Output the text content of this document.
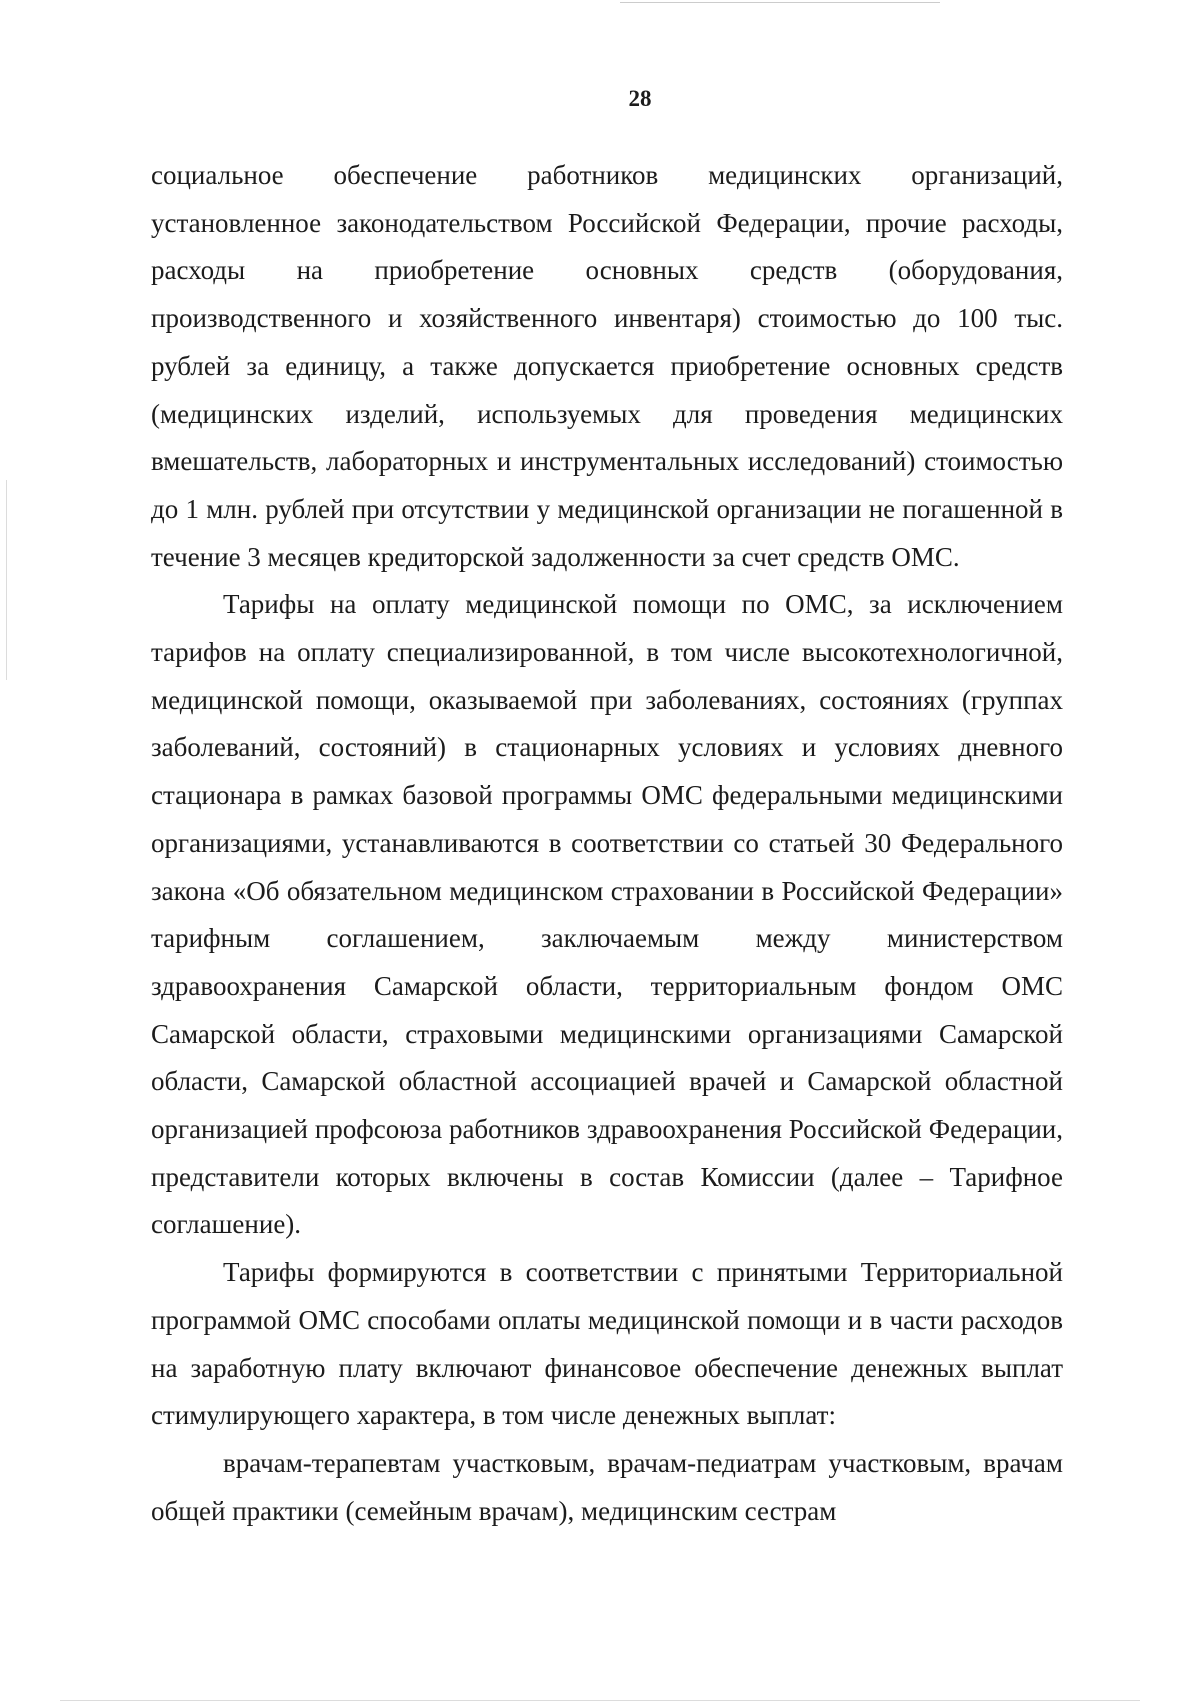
28

социальное обеспечение работников медицинских организаций, установленное законодательством Российской Федерации, прочие расходы, расходы на приобретение основных средств (оборудования, производственного и хозяйственного инвентаря) стоимостью до 100 тыс. рублей за единицу, а также допускается приобретение основных средств (медицинских изделий, используемых для проведения медицинских вмешательств, лабораторных и инструментальных исследований) стоимостью до 1 млн. рублей при отсутствии у медицинской организации не погашенной в течение 3 месяцев кредиторской задолженности за счет средств ОМС.

Тарифы на оплату медицинской помощи по ОМС, за исключением тарифов на оплату специализированной, в том числе высокотехнологичной, медицинской помощи, оказываемой при заболеваниях, состояниях (группах заболеваний, состояний) в стационарных условиях и условиях дневного стационара в рамках базовой программы ОМС федеральными медицинскими организациями, устанавливаются в соответствии со статьей 30 Федерального закона «Об обязательном медицинском страховании в Российской Федерации» тарифным соглашением, заключаемым между министерством здравоохранения Самарской области, территориальным фондом ОМС Самарской области, страховыми медицинскими организациями Самарской области, Самарской областной ассоциацией врачей и Самарской областной организацией профсоюза работников здравоохранения Российской Федерации, представители которых включены в состав Комиссии (далее – Тарифное соглашение).

Тарифы формируются в соответствии с принятыми Территориальной программой ОМС способами оплаты медицинской помощи и в части расходов на заработную плату включают финансовое обеспечение денежных выплат стимулирующего характера, в том числе денежных выплат:

врачам-терапевтам участковым, врачам-педиатрам участковым, врачам общей практики (семейным врачам), медицинским сестрам
